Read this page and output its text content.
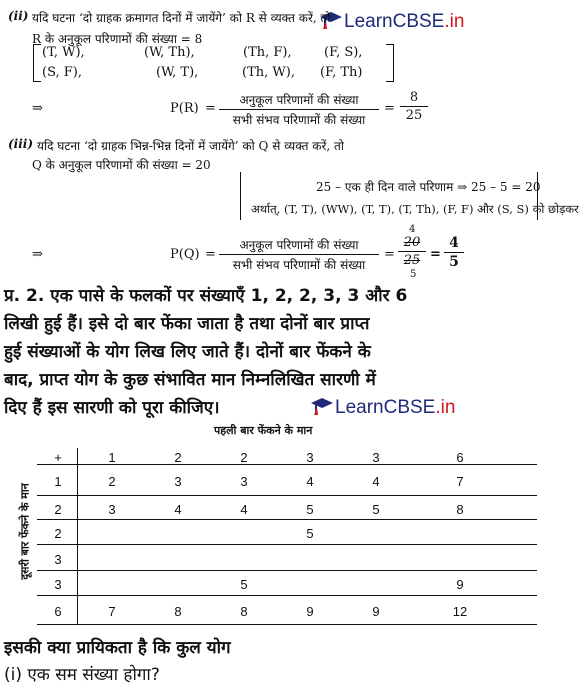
LearnCBSE.in
(ii) यदि घटना ‘दो ग्राहक क्रमागत दिनों में जायेंगे’ को R से व्यक्त करें, तो
R के अनुकूल परिणामों की संख्या = 8
(T, W),	(W, Th),	(Th, F), (F, S),
(S, F),	(W, T),	(Th, W), (F, Th)
⇒	P(R) =
अनुकूल परिणामों की संख्या
सभी संभव परिणामों की संख्या
= $\frac{8}{25}$
(iii) यदि घटना ‘दो ग्राहक भिन्न-भिन्न दिनों में जायेंगे’ को Q से व्यक्त करें, तो
Q के अनुकूल परिणामों की संख्या = 20
25 – एक ही दिन वाले परिणाम ⇒ 25 – 5 = 20
अर्थात्, (T, T), (WW), (T, T), (T, Th), (F, F) और (S, S) को छोड़कर
⇒	P(Q) =
अनुकूल परिणामों की संख्या
सभी संभव परिणामों की संख्या
=
4
$\frac{20}{25}$
5
= $\frac{4}{5}$
प्र. 2. एक पासे के फलकों पर संख्याएँ 1, 2, 2, 3, 3 और 6
लिखी हुई हैं। इसे दो बार फेंका जाता है तथा दोनों बार प्राप्त
हुई संख्याओं के योग लिख लिए जाते हैं। दोनों बार फेंकने के
बाद, प्राप्त योग के कुछ संभावित मान निम्नलिखित सारणी में
दिए हैं इस सारणी को पूरा कीजिए।	LearnCBSE.in
पहली बार फेंकने के मान
दूसरी बार फेंकने के मान
+	1	2	2	3	3	6
1	2	3	3	4	4	7
2	3	4	4	5	5	8
2				5		
3						
3			5			9
6	7	8	8	9	9	12
इसकी क्या प्रायिकता है कि कुल योग
(i) एक सम संख्या होगा?
